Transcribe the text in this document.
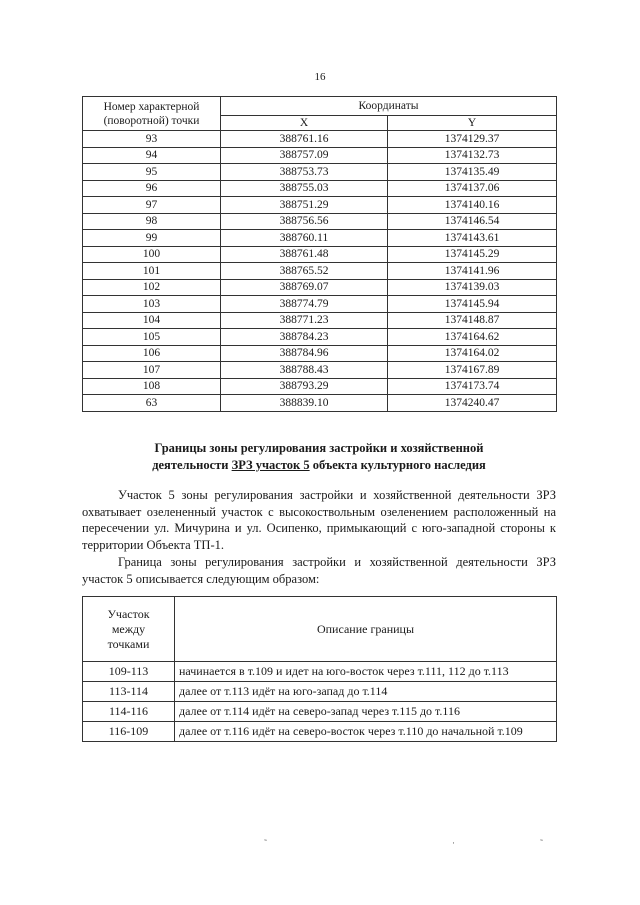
16
Номер характерной (поворотной) точки	Координаты	
	X	Y
93	388761.16	1374129.37
94	388757.09	1374132.73
95	388753.73	1374135.49
96	388755.03	1374137.06
97	388751.29	1374140.16
98	388756.56	1374146.54
99	388760.11	1374143.61
100	388761.48	1374145.29
101	388765.52	1374141.96
102	388769.07	1374139.03
103	388774.79	1374145.94
104	388771.23	1374148.87
105	388784.23	1374164.62
106	388784.96	1374164.02
107	388788.43	1374167.89
108	388793.29	1374173.74
63	388839.10	1374240.47
Границы зоны регулирования застройки и хозяйственной
деятельности ЗРЗ участок 5 объекта культурного наследия

Участок 5 зоны регулирования застройки и хозяйственной деятельности ЗРЗ охватывает озелененный участок с высокоствольным озеленением расположенный на пересечении ул. Мичурина и ул. Осипенко, примыкающий с юго-западной стороны к территории Объекта ТП-1.

Граница зоны регулирования застройки и хозяйственной деятельности ЗРЗ участок 5 описывается следующим образом:

Участок между точками	Описание границы
109-113	начинается в т.109 и идет на юго-восток через т.111, 112 до т.113
113-114	далее от т.113 идёт на юго-запад до т.114
114-116	далее от т.114 идёт на северо-запад через т.115 до т.116
116-109	далее от т.116 идёт на северо-восток через т.110 до начальной т.109
˜	·	˜
